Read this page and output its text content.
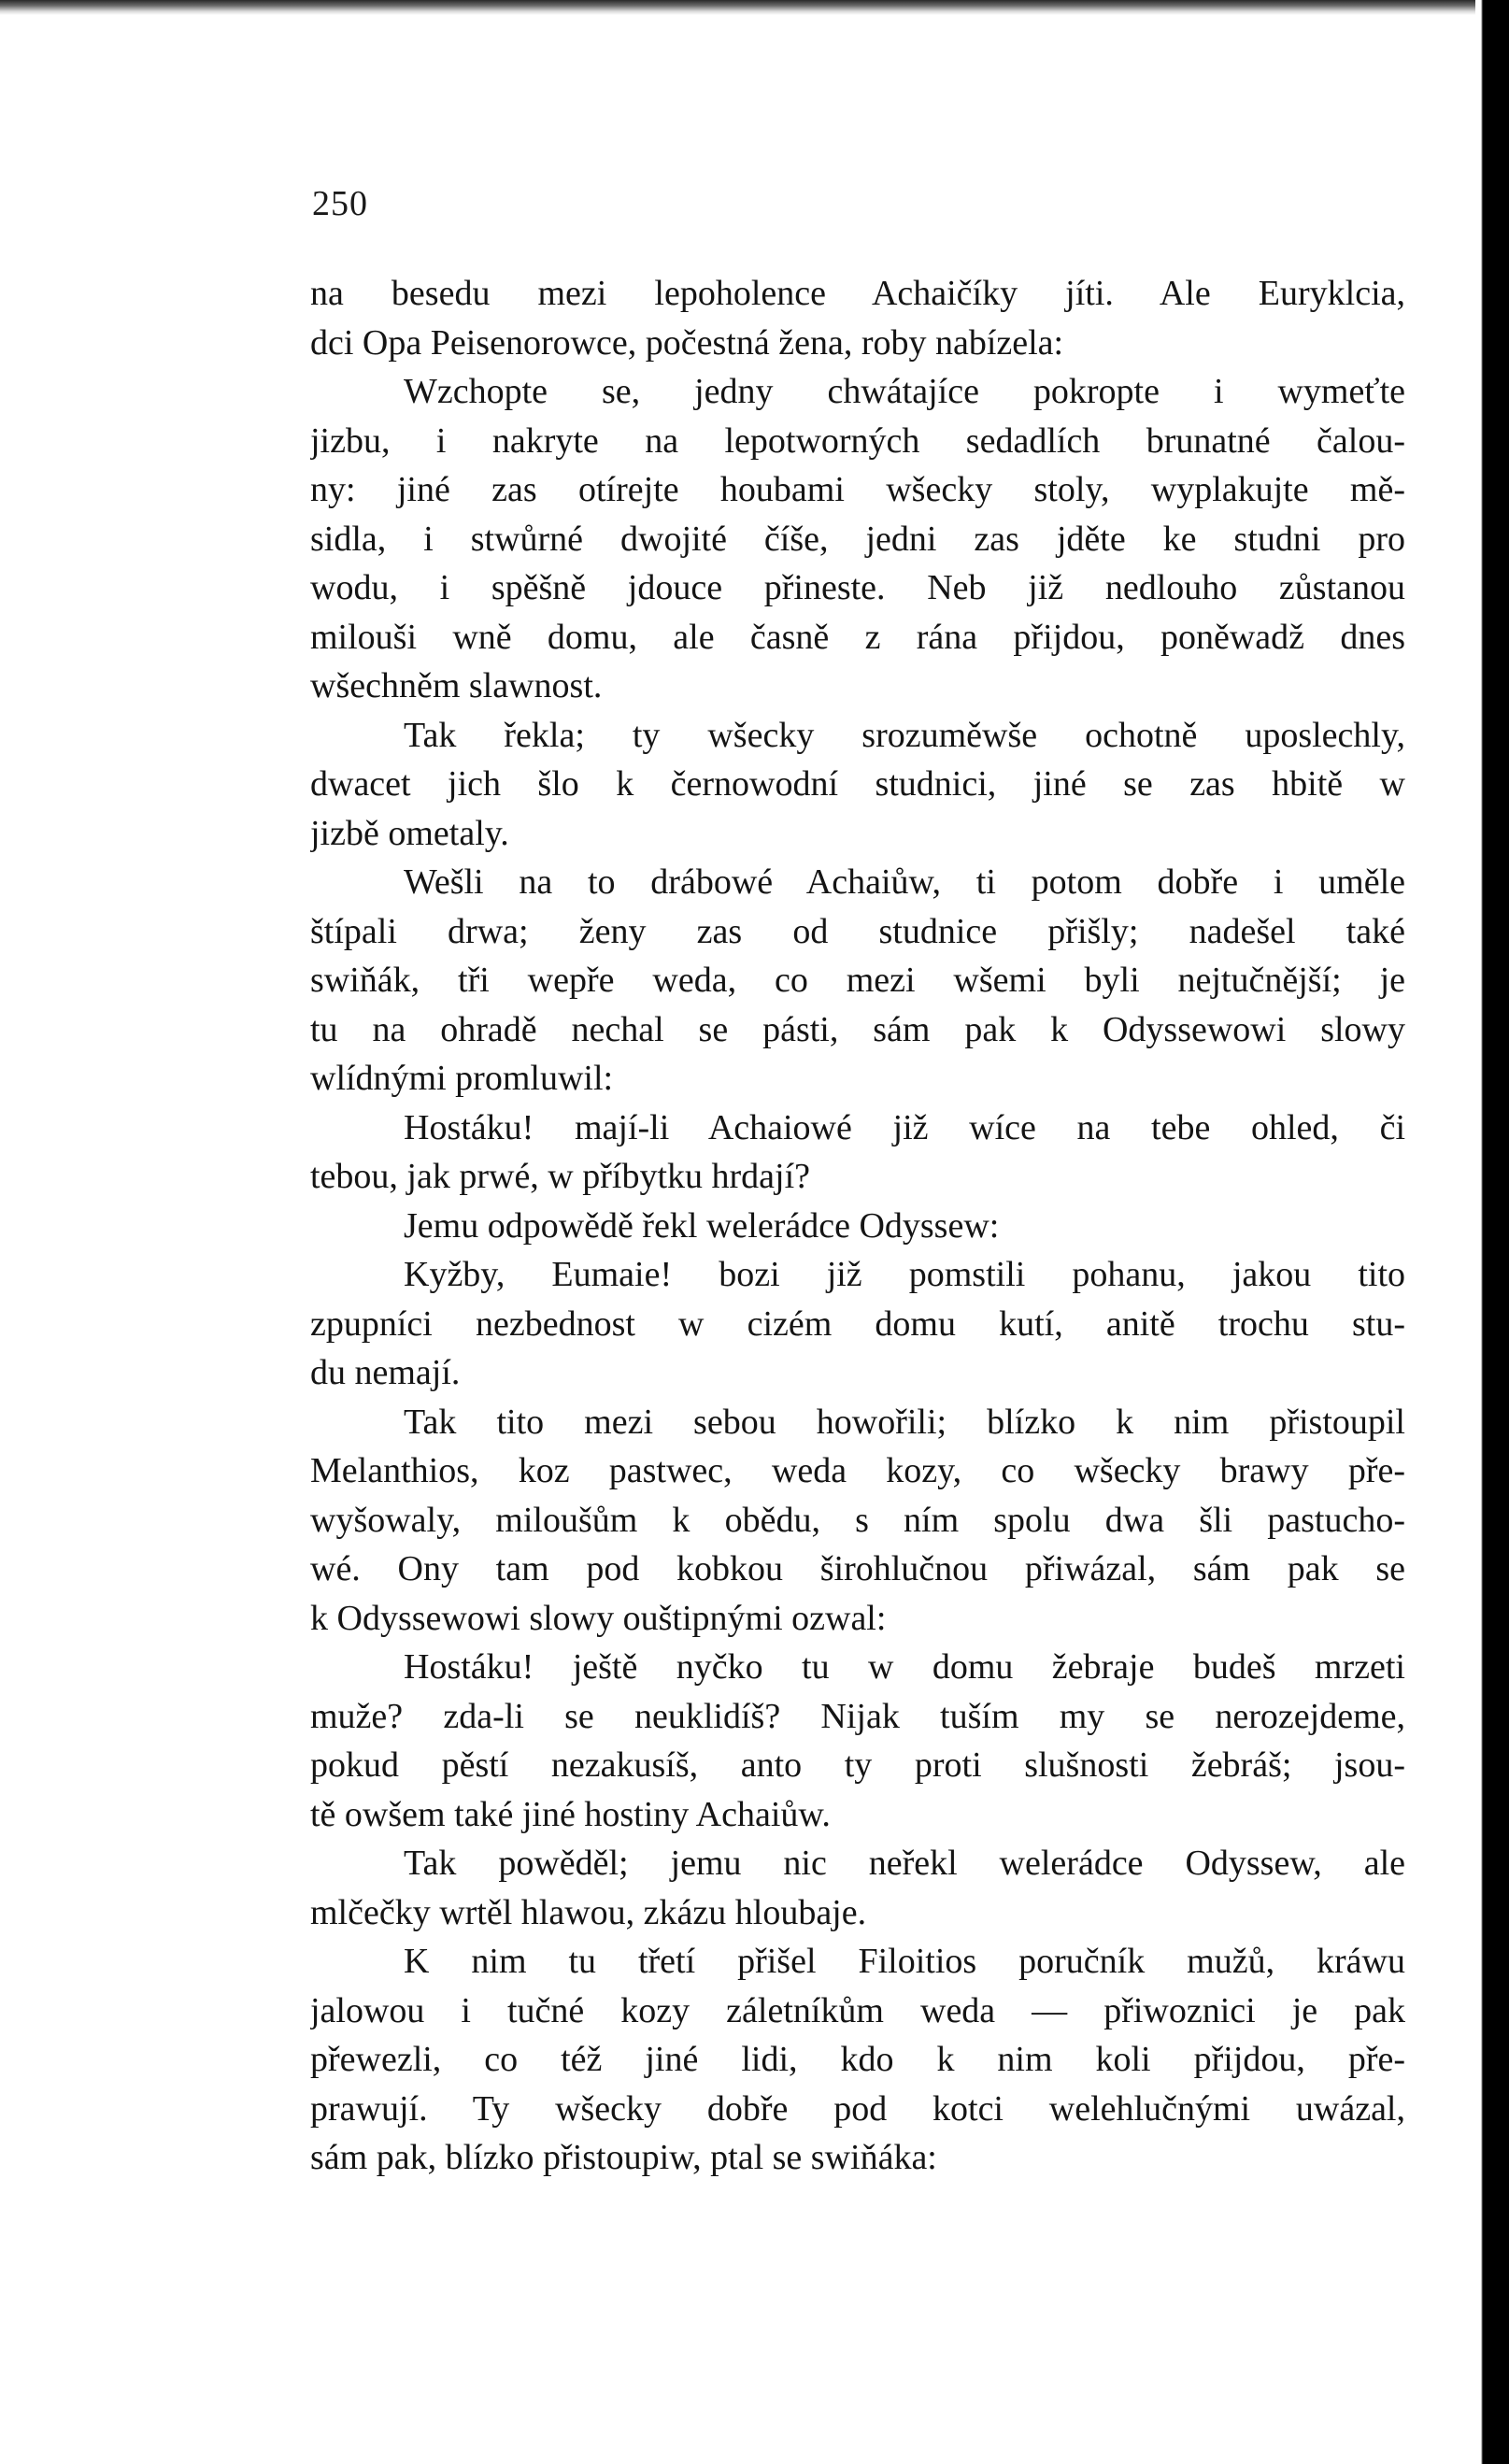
250
na besedu mezi lepoholence Achaičíky jíti. Ale Euryklcia,
dci Opa Peisenorowce, počestná žena, roby nabízela:
Wzchopte se, jedny chwátajíce pokropte i wymeťte
jizbu, i nakryte na lepotworných sedadlích brunatné čalou-
ny: jiné zas otírejte houbami wšecky stoly, wyplakujte mě-
sidla, i stwůrné dwojité číše, jedni zas jděte ke studni pro
wodu, i spěšně jdouce přineste. Neb již nedlouho zůstanou
milouši wně domu, ale časně z rána přijdou, poněwadž dnes
wšechněm slawnost.
Tak řekla; ty wšecky srozuměwše ochotně uposlechly,
dwacet jich šlo k černowodní studnici, jiné se zas hbitě w
jizbě ometaly.
Wešli na to drábowé Achaiůw, ti potom dobře i uměle
štípali drwa; ženy zas od studnice přišly; nadešel také
swiňák, tři wepře weda, co mezi wšemi byli nejtučnější; je
tu na ohradě nechal se pásti, sám pak k Odyssewowi slowy
wlídnými promluwil:
Hostáku! mají-li Achaiowé již wíce na tebe ohled, či
tebou, jak prwé, w příbytku hrdají?
Jemu odpowědě řekl welerádce Odyssew:
Kyžby, Eumaie! bozi již pomstili pohanu, jakou tito
zpupníci nezbednost w cizém domu kutí, anitě trochu stu-
du nemají.
Tak tito mezi sebou howořili; blízko k nim přistoupil
Melanthios, koz pastwec, weda kozy, co wšecky brawy pře-
wyšowaly, miloušům k obědu, s ním spolu dwa šli pastucho-
wé. Ony tam pod kobkou širohlučnou přiwázal, sám pak se
k Odyssewowi slowy ouštipnými ozwal:
Hostáku! ještě nyčko tu w domu žebraje budeš mrzeti
muže? zda-li se neuklidíš? Nijak tuším my se nerozejdeme,
pokud pěstí nezakusíš, anto ty proti slušnosti žebráš; jsou-
tě owšem také jiné hostiny Achaiůw.
Tak powěděl; jemu nic neřekl welerádce Odyssew, ale
mlčečky wrtěl hlawou, zkázu hloubaje.
K nim tu třetí přišel Filoitios poručník mužů, kráwu
jalowou i tučné kozy záletníkům weda — přiwoznici je pak
přewezli, co též jiné lidi, kdo k nim koli přijdou, pře-
prawují. Ty wšecky dobře pod kotci welehlučnými uwázal,
sám pak, blízko přistoupiw, ptal se swiňáka:
